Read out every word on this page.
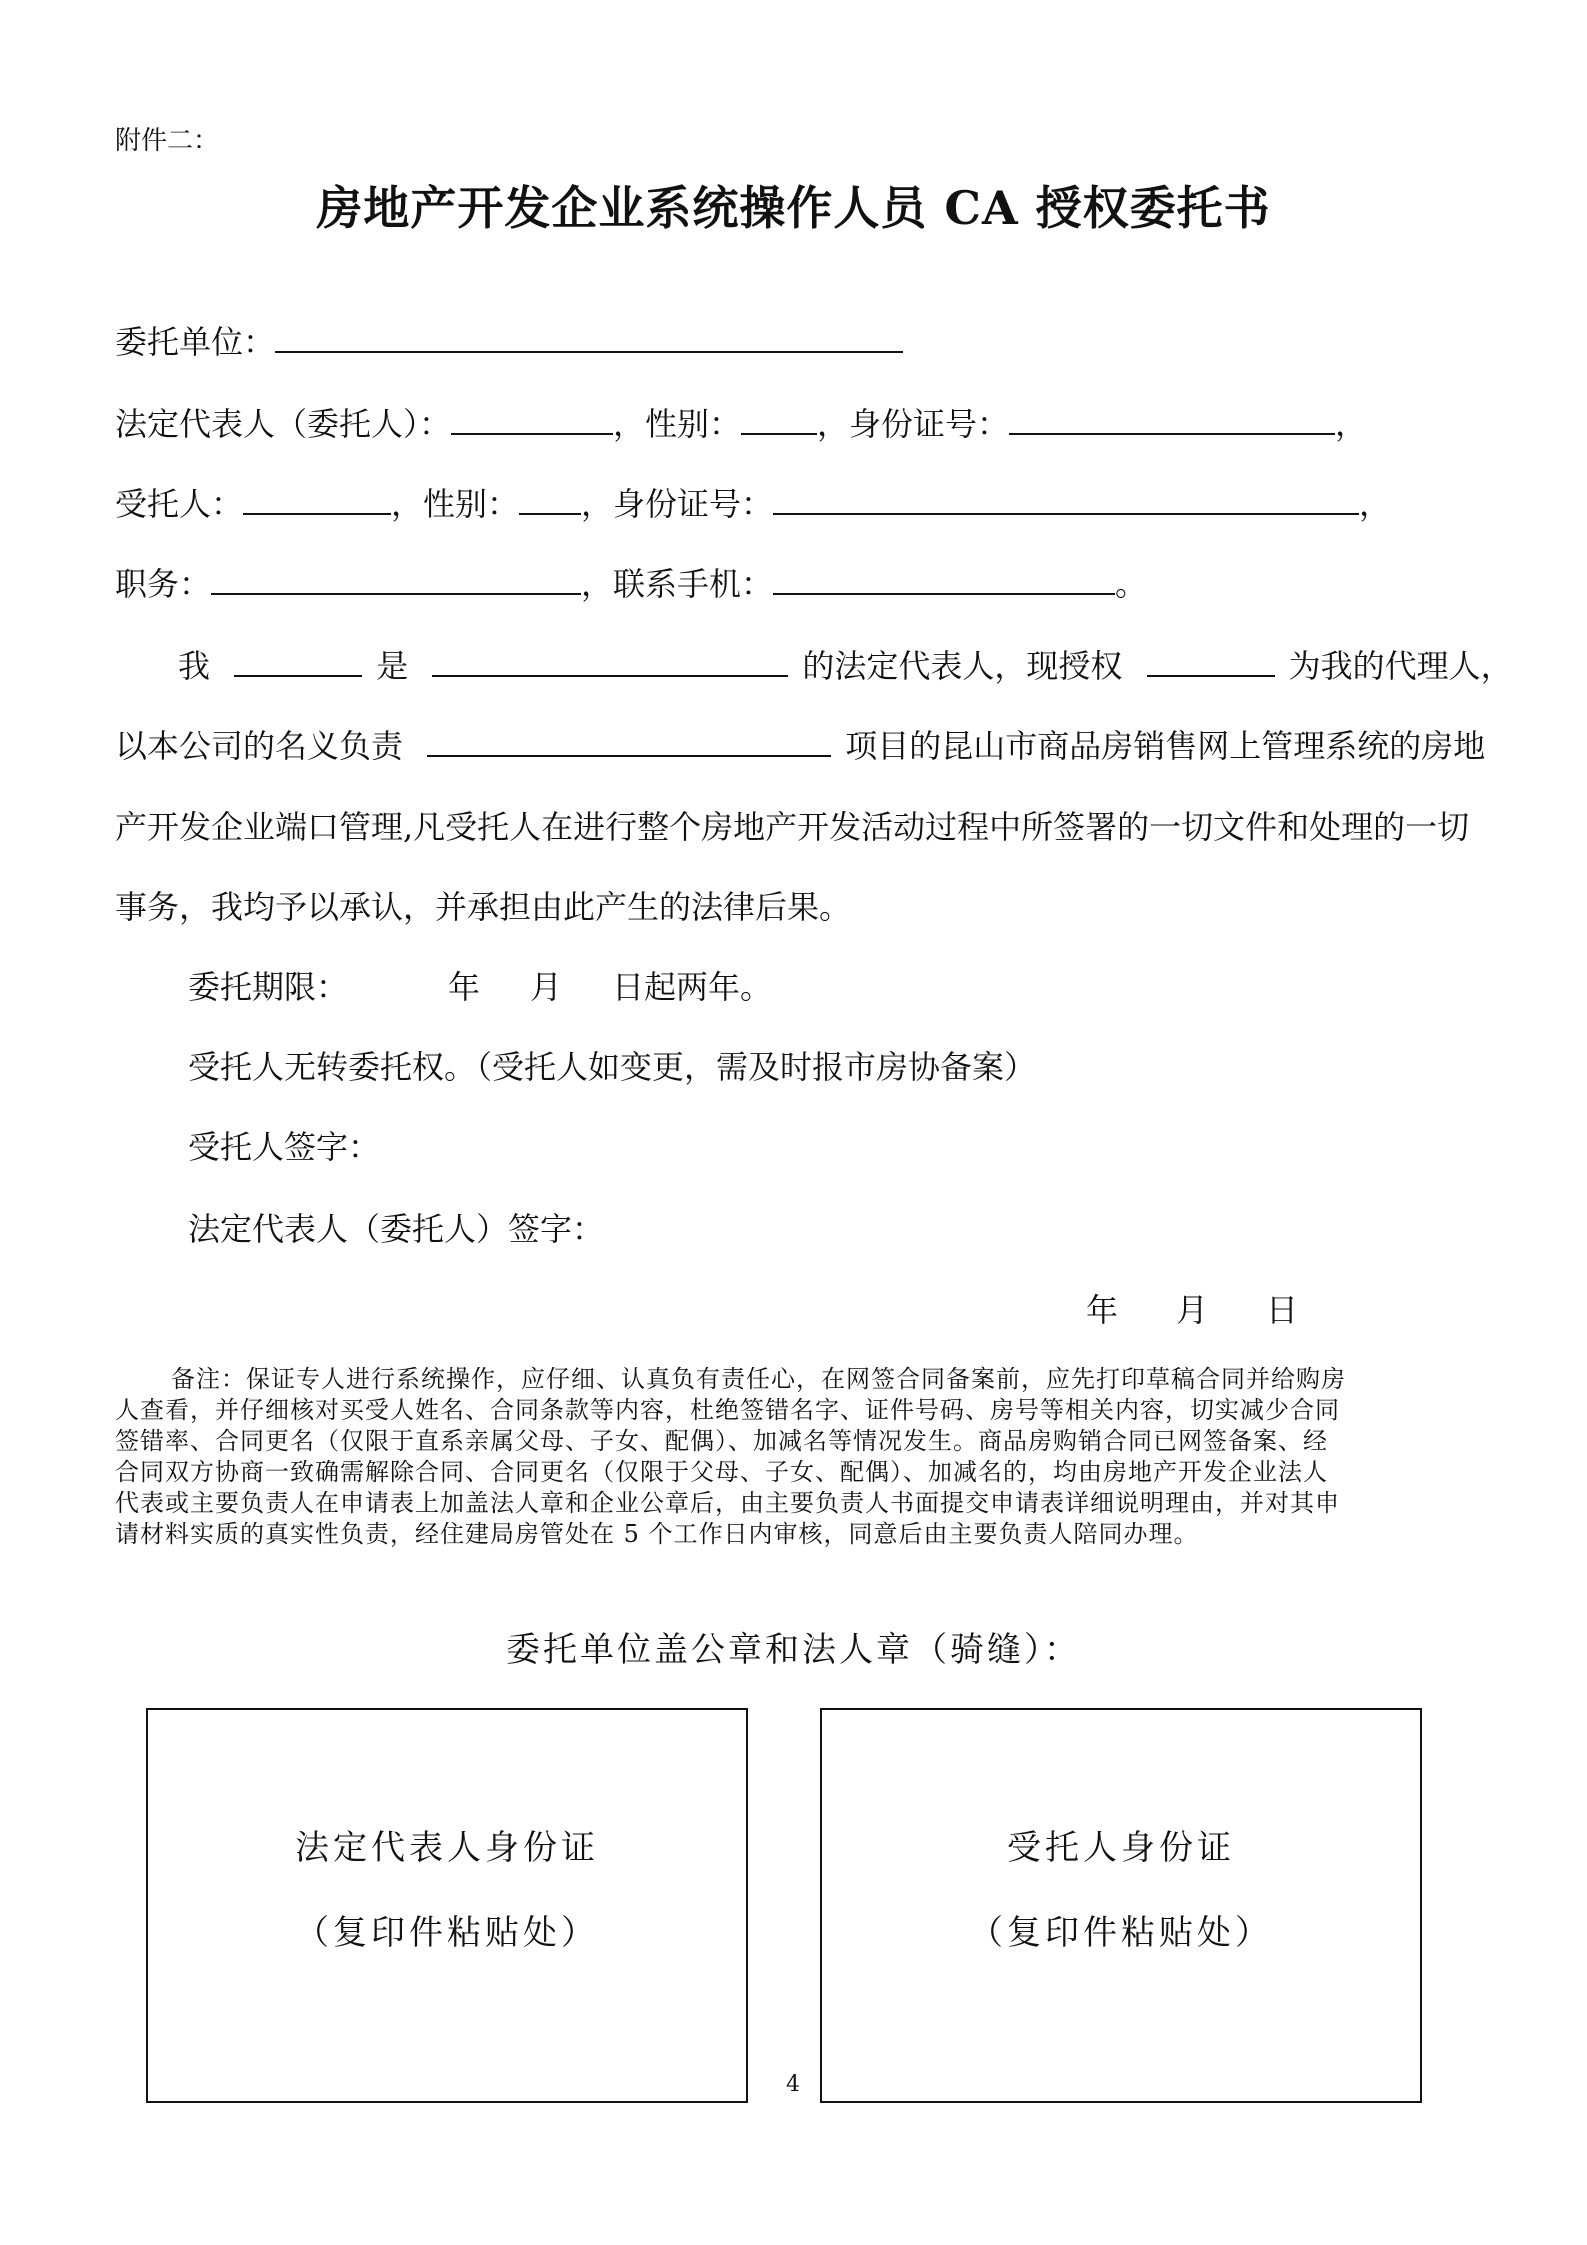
附件二：
房地产开发企业系统操作人员 CA 授权委托书
委托单位：
法定代表人（委托人）：	，性别： ，身份证号：	，
受托人：	，性别： ，身份证号：	，
职务：	，联系手机：	。
我	是	的法定代表人，现授权	为我的代理人，
以本公司的名义负责	项目的昆山市商品房销售网上管理系统的房地
产开发企业端口管理,凡受托人在进行整个房地产开发活动过程中所签署的一切文件和处理的一切
事务，我均予以承认，并承担由此产生的法律后果。
委托期限：	年 月 日起两年。
受托人无转委托权。（受托人如变更，需及时报市房协备案）
受托人签字：
法定代表人（委托人）签字：
年 月 日

备注：保证专人进行系统操作，应仔细、认真负有责任心，在网签合同备案前，应先打印草稿合同并给购房

人查看，并仔细核对买受人姓名、合同条款等内容，杜绝签错名字、证件号码、房号等相关内容，切实减少合同

签错率、合同更名（仅限于直系亲属父母、子女、配偶）、加减名等情况发生。商品房购销合同已网签备案、经

合同双方协商一致确需解除合同、合同更名（仅限于父母、子女、配偶）、加减名的，均由房地产开发企业法人

代表或主要负责人在申请表上加盖法人章和企业公章后，由主要负责人书面提交申请表详细说明理由，并对其申

请材料实质的真实性负责，经住建局房管处在 5 个工作日内审核，同意后由主要负责人陪同办理。

委托单位盖公章和法人章（骑缝）：
法定代表人身份证
（复印件粘贴处）
受托人身份证
（复印件粘贴处）
4
